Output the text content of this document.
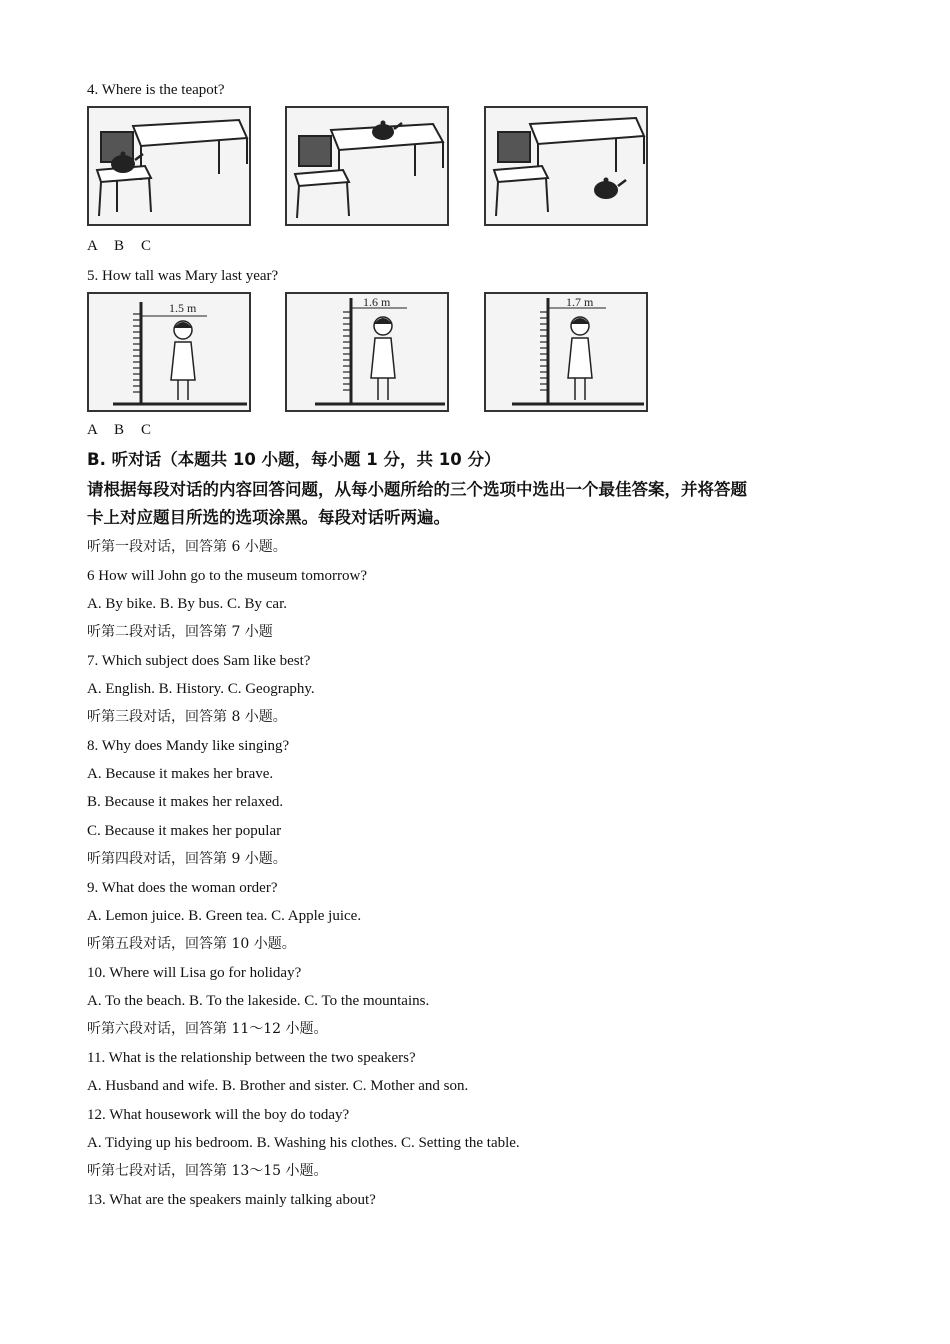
4. Where is the teapot?
A B C
5. How tall was Mary last year?
1.5 m	1.6 m	1.7 m
A B C
B. 听对话（本题共 10 小题，每小题 1 分，共 10 分）
请根据每段对话的内容回答问题，从每小题所给的三个选项中选出一个最佳答案，并将答题
卡上对应题目所选的选项涂黑。每段对话听两遍。
听第一段对话，回答第 6 小题。
6 How will John go to the museum tomorrow?
A. By bike. B. By bus. C. By car.
听第二段对话，回答第 7 小题
7. Which subject does Sam like best?
A. English. B. History. C. Geography.
听第三段对话，回答第 8 小题。
8. Why does Mandy like singing?
A. Because it makes her brave.
B. Because it makes her relaxed.
C. Because it makes her popular
听第四段对话，回答第 9 小题。
9. What does the woman order?
A. Lemon juice. B. Green tea. C. Apple juice.
听第五段对话，回答第 10 小题。
10. Where will Lisa go for holiday?
A. To the beach. B. To the lakeside. C. To the mountains.
听第六段对话，回答第 11～12 小题。
11. What is the relationship between the two speakers?
A. Husband and wife. B. Brother and sister. C. Mother and son.
12. What housework will the boy do today?
A. Tidying up his bedroom. B. Washing his clothes. C. Setting the table.
听第七段对话，回答第 13～15 小题。
13. What are the speakers mainly talking about?
